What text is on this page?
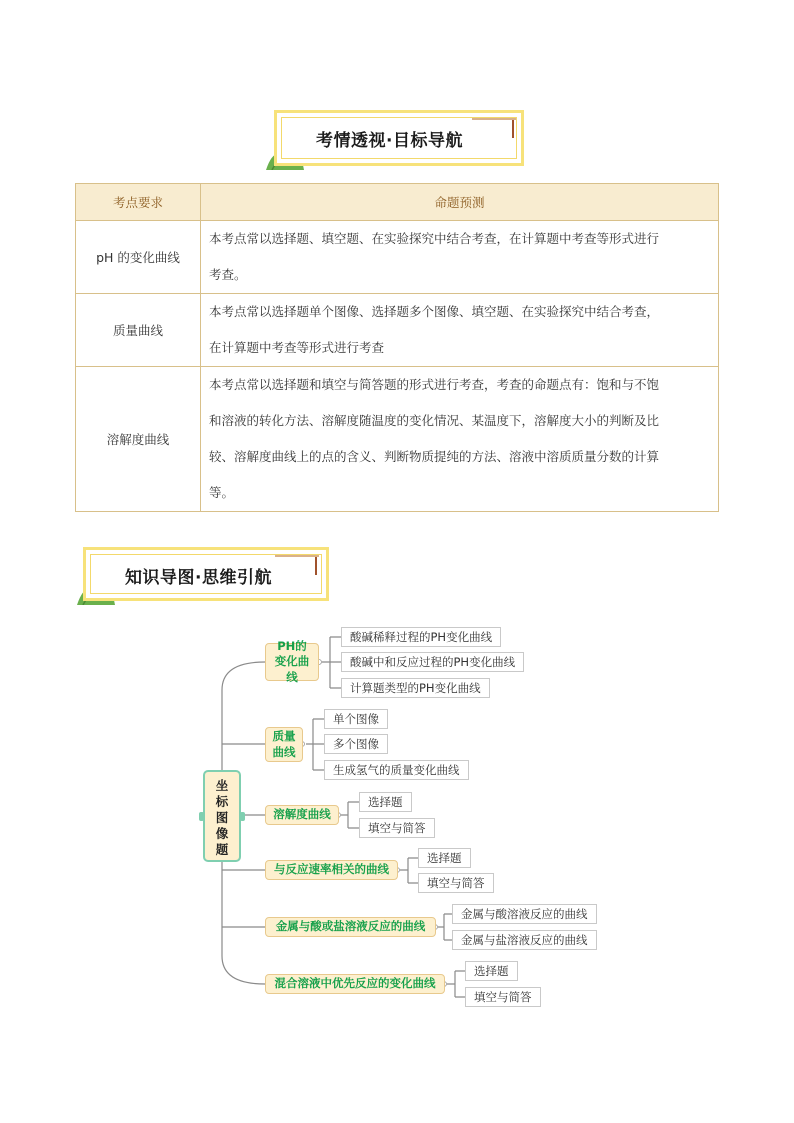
考情透视·目标导航
考点要求	命题预测
pH 的变化曲线	本考点常以选择题、填空题、在实验探究中结合考查，在计算题中考查等形式进行
考查。

质量曲线	本考点常以选择题单个图像、选择题多个图像、填空题、在实验探究中结合考查，
在计算题中考查等形式进行考查

溶解度曲线	本考点常以选择题和填空与简答题的形式进行考查，考查的命题点有：饱和与不饱
和溶液的转化方法、溶解度随温度的变化情况、某温度下，溶解度大小的判断及比
较、溶解度曲线上的点的含义、判断物质提纯的方法、溶液中溶质质量分数的计算
等。
知识导图·思维引航
坐
标
图
像
题
PH的变化曲线
质量曲线
溶解度曲线
与反应速率相关的曲线
金属与酸或盐溶液反应的曲线
混合溶液中优先反应的变化曲线
酸碱稀释过程的PH变化曲线
酸碱中和反应过程的PH变化曲线
计算题类型的PH变化曲线
单个图像
多个图像
生成氢气的质量变化曲线
选择题
填空与简答
选择题
填空与简答
金属与酸溶液反应的曲线
金属与盐溶液反应的曲线
选择题
填空与简答
